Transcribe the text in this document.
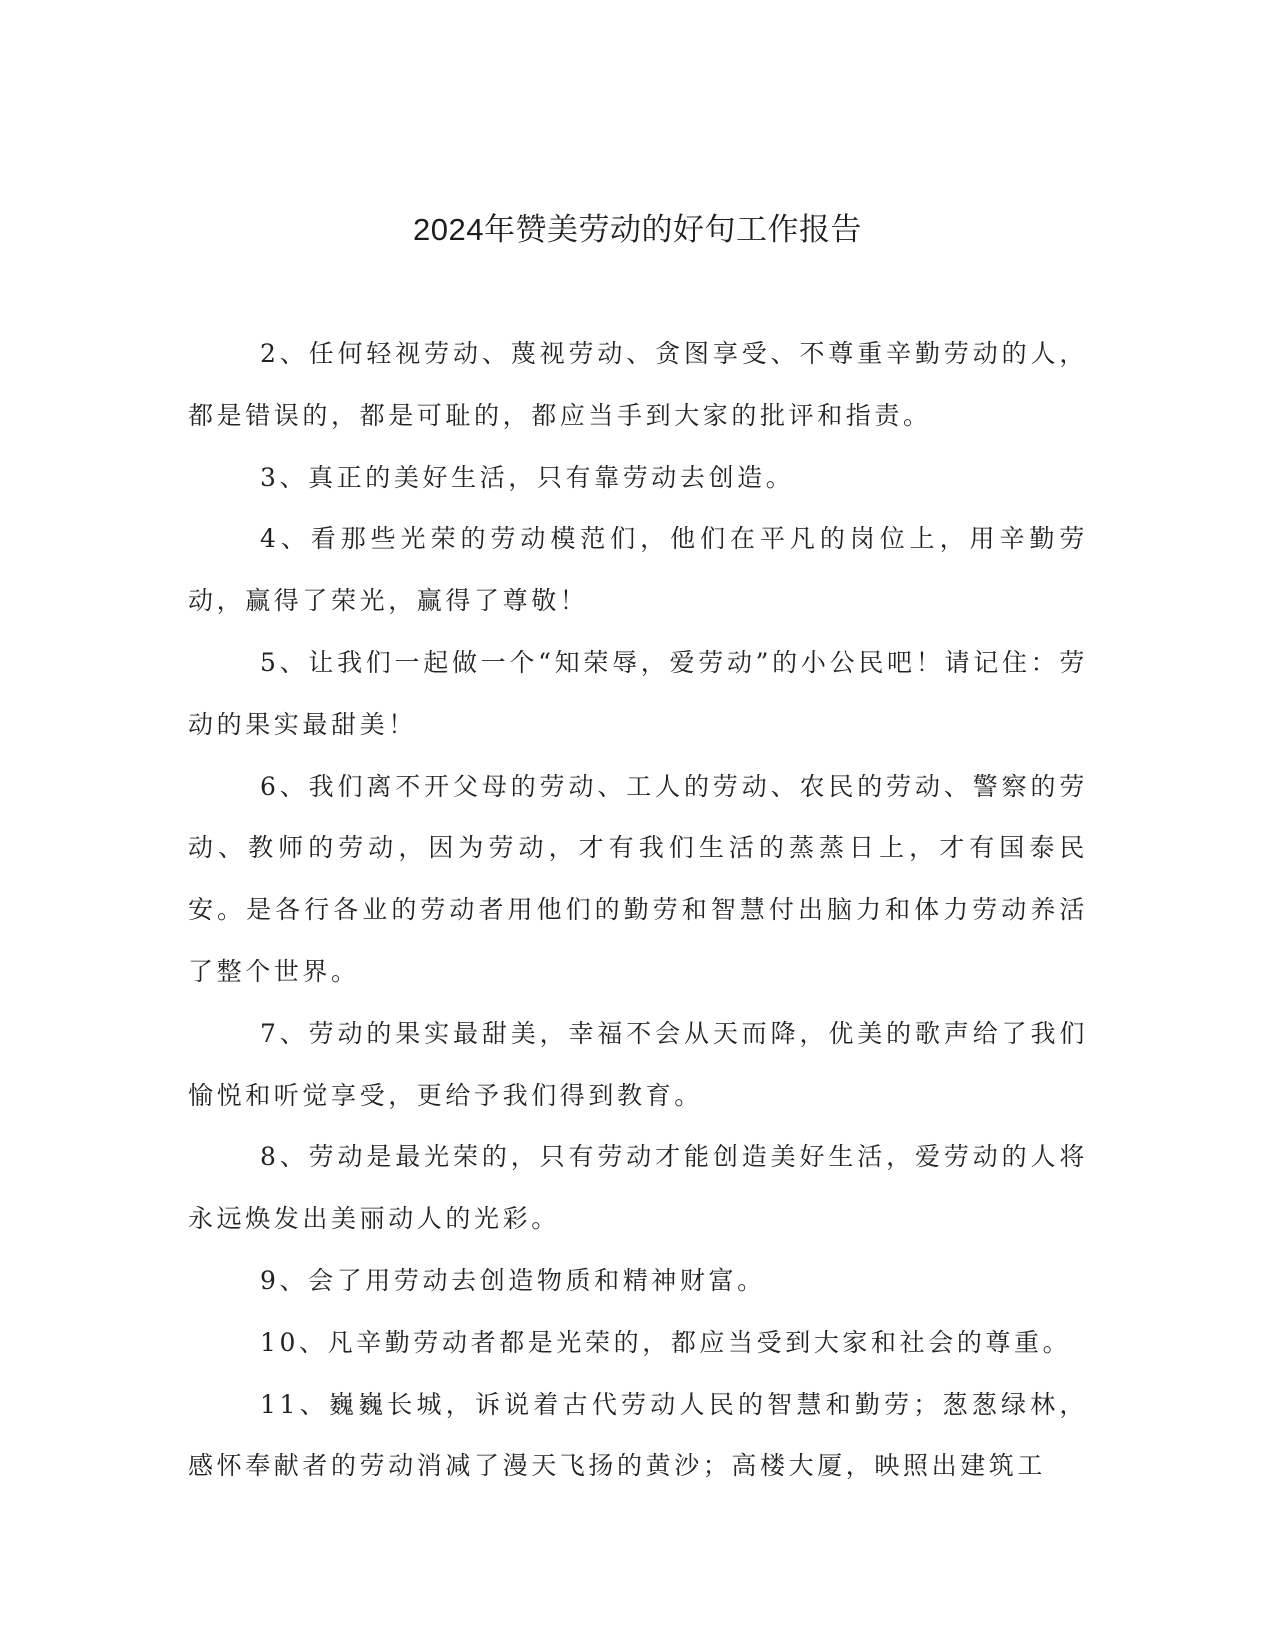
2024年赞美劳动的好句工作报告

2、任何轻视劳动、蔑视劳动、贪图享受、不尊重辛勤劳动的人，都是错误的，都是可耻的，都应当手到大家的批评和指责。

3、真正的美好生活，只有靠劳动去创造。

4、看那些光荣的劳动模范们，他们在平凡的岗位上，用辛勤劳动，赢得了荣光，赢得了尊敬！

5、让我们一起做一个“知荣辱，爱劳动”的小公民吧！请记住：劳动的果实最甜美！

6、我们离不开父母的劳动、工人的劳动、农民的劳动、警察的劳动、教师的劳动，因为劳动，才有我们生活的蒸蒸日上，才有国泰民安。是各行各业的劳动者用他们的勤劳和智慧付出脑力和体力劳动养活了整个世界。

7、劳动的果实最甜美，幸福不会从天而降，优美的歌声给了我们愉悦和听觉享受，更给予我们得到教育。

8、劳动是最光荣的，只有劳动才能创造美好生活，爱劳动的人将永远焕发出美丽动人的光彩。

9、会了用劳动去创造物质和精神财富。

10、凡辛勤劳动者都是光荣的，都应当受到大家和社会的尊重。

11、巍巍长城，诉说着古代劳动人民的智慧和勤劳；葱葱绿林，感怀奉献者的劳动消减了漫天飞扬的黄沙；高楼大厦，映照出建筑工
